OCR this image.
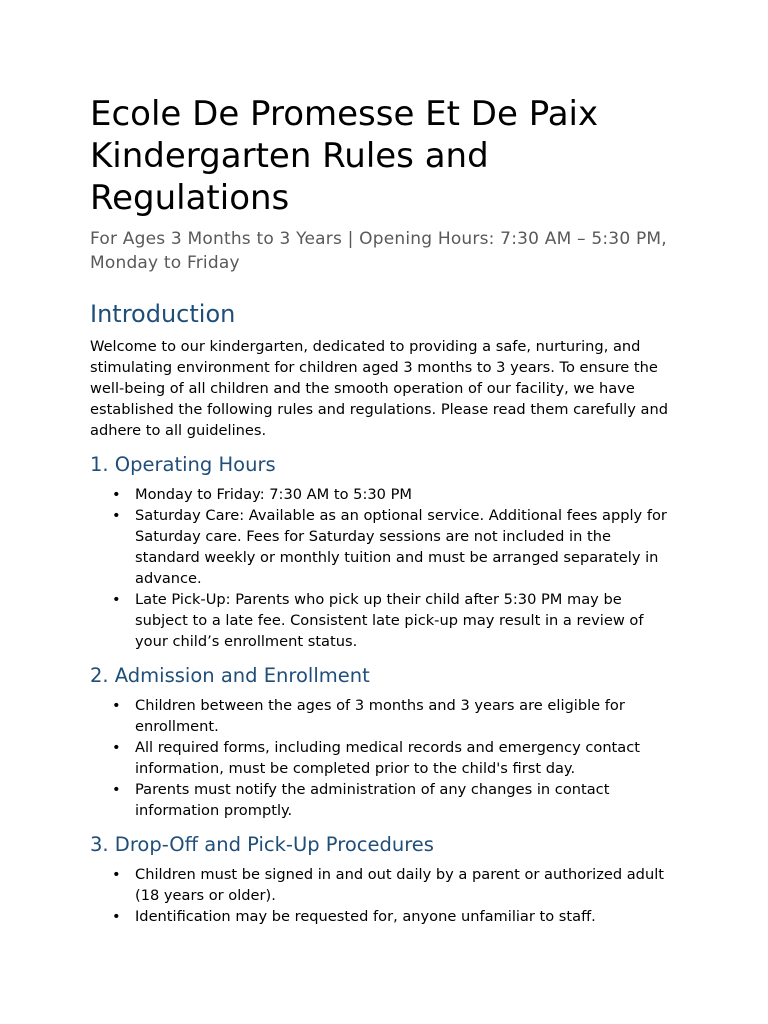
Ecole De Promesse Et De Paix Kindergarten Rules and Regulations

For Ages 3 Months to 3 Years | Opening Hours: 7:30 AM – 5:30 PM, Monday to Friday

Introduction

Welcome to our kindergarten, dedicated to providing a safe, nurturing, and stimulating environment for children aged 3 months to 3 years. To ensure the well-being of all children and the smooth operation of our facility, we have established the following rules and regulations. Please read them carefully and adhere to all guidelines.

1. Operating Hours
• Monday to Friday: 7:30 AM to 5:30 PM
• Saturday Care: Available as an optional service. Additional fees apply for Saturday care. Fees for Saturday sessions are not included in the standard weekly or monthly tuition and must be arranged separately in advance.
• Late Pick-Up: Parents who pick up their child after 5:30 PM may be subject to a late fee. Consistent late pick-up may result in a review of your child’s enrollment status.
2. Admission and Enrollment
• Children between the ages of 3 months and 3 years are eligible for enrollment.
• All required forms, including medical records and emergency contact information, must be completed prior to the child's first day.
• Parents must notify the administration of any changes in contact information promptly.
3. Drop-Off and Pick-Up Procedures
• Children must be signed in and out daily by a parent or authorized adult (18 years or older).
• Identification may be requested for, anyone unfamiliar to staff.
